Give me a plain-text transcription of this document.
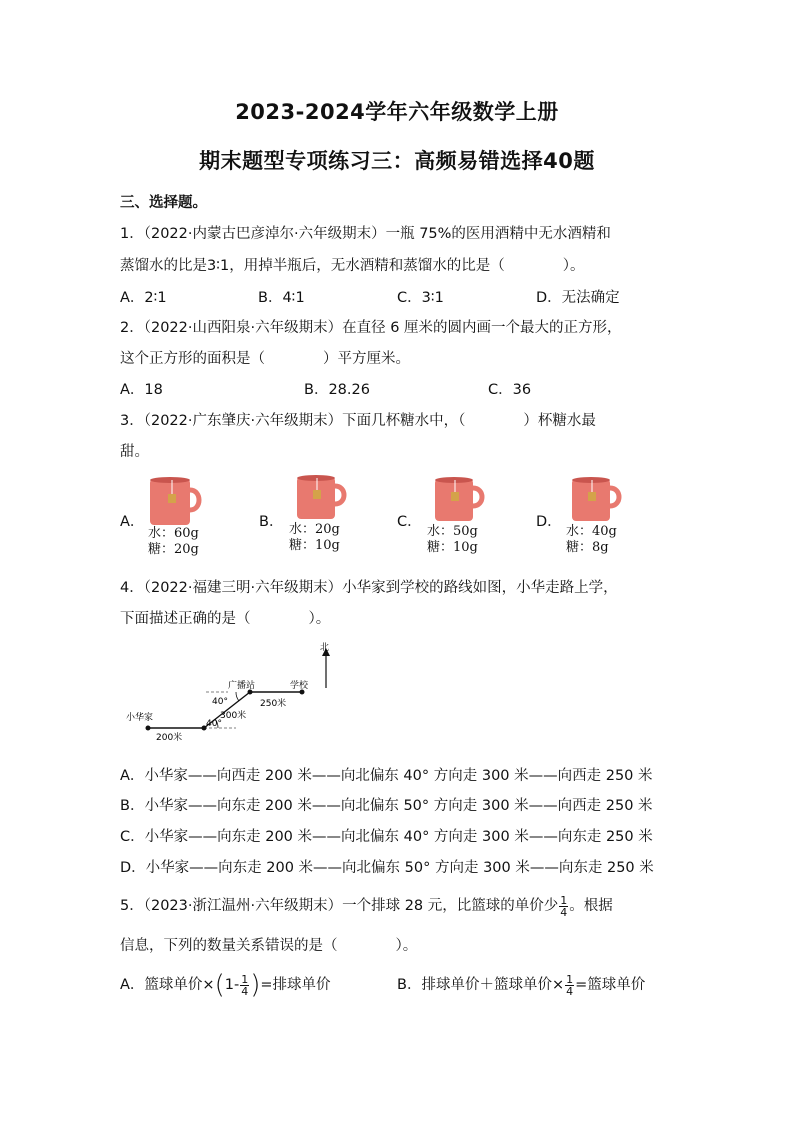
2023-2024学年六年级数学上册
期末题型专项练习三：高频易错选择40题
三、选择题。
1．（2022·内蒙古巴彦淖尔·六年级期末）一瓶 75%的医用酒精中无水酒精和
蒸馏水的比是3∶1，用掉半瓶后，无水酒精和蒸馏水的比是（　　　　）。
A．2∶1	B．4∶1	C．3∶1	D．无法确定
2．（2022·山西阳泉·六年级期末）在直径 6 厘米的圆内画一个最大的正方形，
这个正方形的面积是（　　　　）平方厘米。
A．18	B．28.26	C．36
3．（2022·广东肇庆·六年级期末）下面几杯糖水中，（　　　　）杯糖水最
甜。
A．
水：60g
糖：20g
B． 水：20g
糖：10g
C．
水：50g
糖：10g
D．
水：40g
糖：8g
4．（2022·福建三明·六年级期末）小华家到学校的路线如图，小华走路上学，
下面描述正确的是（　　　　）。
北
小华家
广播站	学校
200米
300米
250米
40°
40°
A．小华家——向西走 200 米——向北偏东 40° 方向走 300 米——向西走 250 米
B．小华家——向东走 200 米——向北偏东 50° 方向走 300 米——向西走 250 米
C．小华家——向东走 200 米——向北偏东 40° 方向走 300 米——向东走 250 米
D．小华家——向东走 200 米——向北偏东 50° 方向走 300 米——向东走 250 米
5．（2023·浙江温州·六年级期末）一个排球 28 元，比篮球的单价少 $\frac{1}{4}$ 。根据
信息，下列的数量关系错误的是（　　　　）。
A．篮球单价$\times(1- \frac{1}{4}$ )=排球单价	B．排球单价＋篮球单价× $\frac{1}{4}$ =篮球单价
